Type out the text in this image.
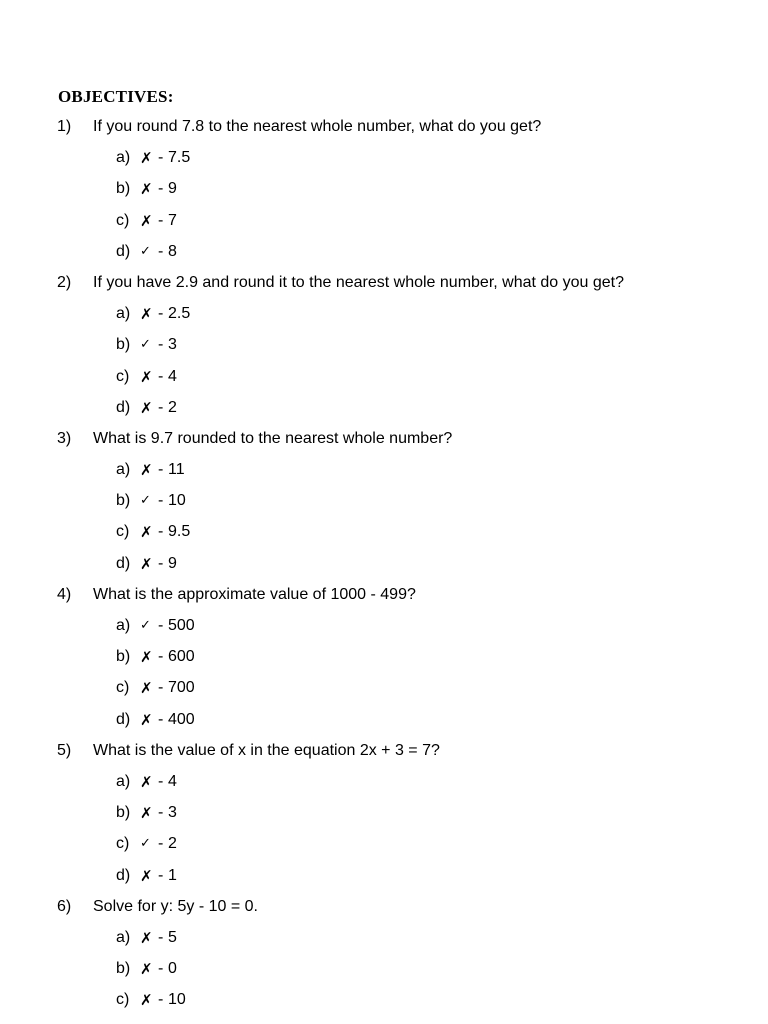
OBJECTIVES:
1) If you round 7.8 to the nearest whole number, what do you get?
a) ✗ - 7.5
b) ✗ - 9
c) ✗ - 7
d) ✓ - 8
2) If you have 2.9 and round it to the nearest whole number, what do you get?
a) ✗ - 2.5
b) ✓ - 3
c) ✗ - 4
d) ✗ - 2
3) What is 9.7 rounded to the nearest whole number?
a) ✗ - 11
b) ✓ - 10
c) ✗ - 9.5
d) ✗ - 9
4) What is the approximate value of 1000 - 499?
a) ✓ - 500
b) ✗ - 600
c) ✗ - 700
d) ✗ - 400
5) What is the value of x in the equation 2x + 3 = 7?
a) ✗ - 4
b) ✗ - 3
c) ✓ - 2
d) ✗ - 1
6) Solve for y: 5y - 10 = 0.
a) ✗ - 5
b) ✗ - 0
c) ✗ - 10
